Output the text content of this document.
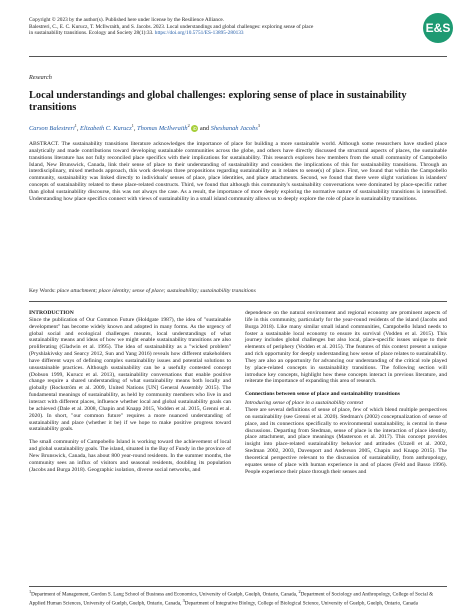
Copyright © 2023 by the author(s). Published here under license by the Resilience Alliance.
Balestreri, C., E. C. Kurucz, T. McIlwraith, and S. Jacobs. 2023. Local understandings and global challenges: exploring sense of place
in sustainability transitions. Ecology and Society 28(1):33. https://doi.org/10.5751/ES-13895-280133	E&S
Research
Local understandings and global challenges: exploring sense of place in sustainability transitions
Carson Balestreri$^1$, Elizabeth C. Kurucz$^1$, Thomas McIlwraith$^2$ iD and Sheshanah Jacobs$^3$
ABSTRACT. The sustainability transitions literature acknowledges the importance of place for building a more sustainable world. Although some researchers have studied place analytically and made contributions toward developing sustainable communities across the globe, and others have directly discussed the structural aspects of places, the sustainable transitions literature has not fully reconciled place specifics with their implications for sustainability. This research explores how members from the small community of Campobello Island, New Brunswick, Canada, link their sense of place to their understanding of sustainability and considers the implications of this for sustainability transitions. Through an interdisciplinary, mixed methods approach, this work develops three propositions regarding sustainability as it relates to sense(s) of place. First, we found that within the Campobello community, sustainability was linked directly to individuals' senses of place, place identities, and place attachments. Second, we found that there were slight variations in islanders' concepts of sustainability related to these place-related constructs. Third, we found that although this community's sustainability conversations were dominated by place-specific rather than global sustainability discourse, this was not always the case. As a result, the importance of more deeply exploring the normative nature of sustainability transitions is intensified. Understanding how place specifics connect with views of sustainability in a small island community allows us to deeply explore the role of place in sustainability transitions.
Key Words: place attachment; place identity; sense of place; sustainability; sustainability transitions
INTRODUCTION

Since the publication of Our Common Future (Holdgate 1987), the idea of "sustainable development" has become widely known and adopted in many forms. As the urgency of global social and ecological challenges mounts, local understandings of what sustainability means and ideas of how we might enable sustainability transitions are also proliferating (Gladwin et al. 1995). The idea of sustainability as a "wicked problem" (Pryshlakivsky and Searcy 2012, Sun and Yang 2016) reveals how different stakeholders have different ways of defining complex sustainability issues and potential solutions to unsustainable practices. Although sustainability can be a usefully contested concept (Dobson 1999, Kurucz et al. 2013), sustainability conversations that enable positive change require a shared understanding of what sustainability means both locally and globally (Rockström et al. 2009, United Nations [UN] General Assembly 2015). The fundamental meanings of sustainability, as held by community members who live in and interact with different places, influence whether local and global sustainability goals can be achieved (Dale et al. 2008, Chapin and Knapp 2015, Vodden et al. 2015, Grenni et al. 2020). In short, "our common future" requires a more nuanced understanding of sustainability and place (whether it be) if we hope to make positive progress toward sustainability goals.

The small community of Campobello Island is working toward the achievement of local and global sustainability goals. The island, situated in the Bay of Fundy in the province of New Brunswick, Canada, has about 800 year-round residents. In the summer months, the community sees an influx of visitors and seasonal residents, doubling its population (Jacobs and Burga 2018). Geographic isolation, diverse social networks, and

dependence on the natural environment and regional economy are prominent aspects of life in this community, particularly for the year-round residents of the island (Jacobs and Burga 2018). Like many similar small island communities, Campobello Island needs to foster a sustainable local economy to ensure its survival (Vodden et al. 2015). This journey includes global challenges but also local, place-specific issues unique to their elements of periphery (Vodden et al. 2015). The features of this context present a unique and rich opportunity for deeply understanding how sense of place relates to sustainability. They are also an opportunity for advancing our understanding of the critical role played by place-related concepts in sustainability transitions. The following section will introduce key concepts, highlight how these concepts interact in previous literature, and reiterate the importance of expanding this area of research.

Connections between sense of place and sustainability transitions

Introducing sense of place in a sustainability context

There are several definitions of sense of place, few of which blend multiple perspectives on sustainability (see Grenni et al. 2020). Stedman's (2002) conceptualization of sense of place, and its connections specifically to environmental sustainability, is central in these discussions. Departing from Stedman, sense of place is the interaction of place identity, place attachment, and place meanings (Masterson et al. 2017). This concept provides insight into place-related sustainability behavior and attitudes (Uzzell et al. 2002, Stedman 2002, 2003, Davenport and Anderson 2005, Chapin and Knapp 2015). The theoretical perspective relevant to the discussion of sustainability, from anthropology, equates sense of place with human experience in and of places (Feld and Basso 1996). People experience their place through their senses and

$^1$Department of Management, Gordon S. Lang School of Business and Economics, University of Guelph, Guelph, Ontario, Canada, $^2$Department of Sociology and Anthropology, College of Social & Applied Human Sciences, University of Guelph, Guelph, Ontario, Canada, $^3$Department of Integrative Biology, College of Biological Science, University of Guelph, Guelph, Ontario, Canada
